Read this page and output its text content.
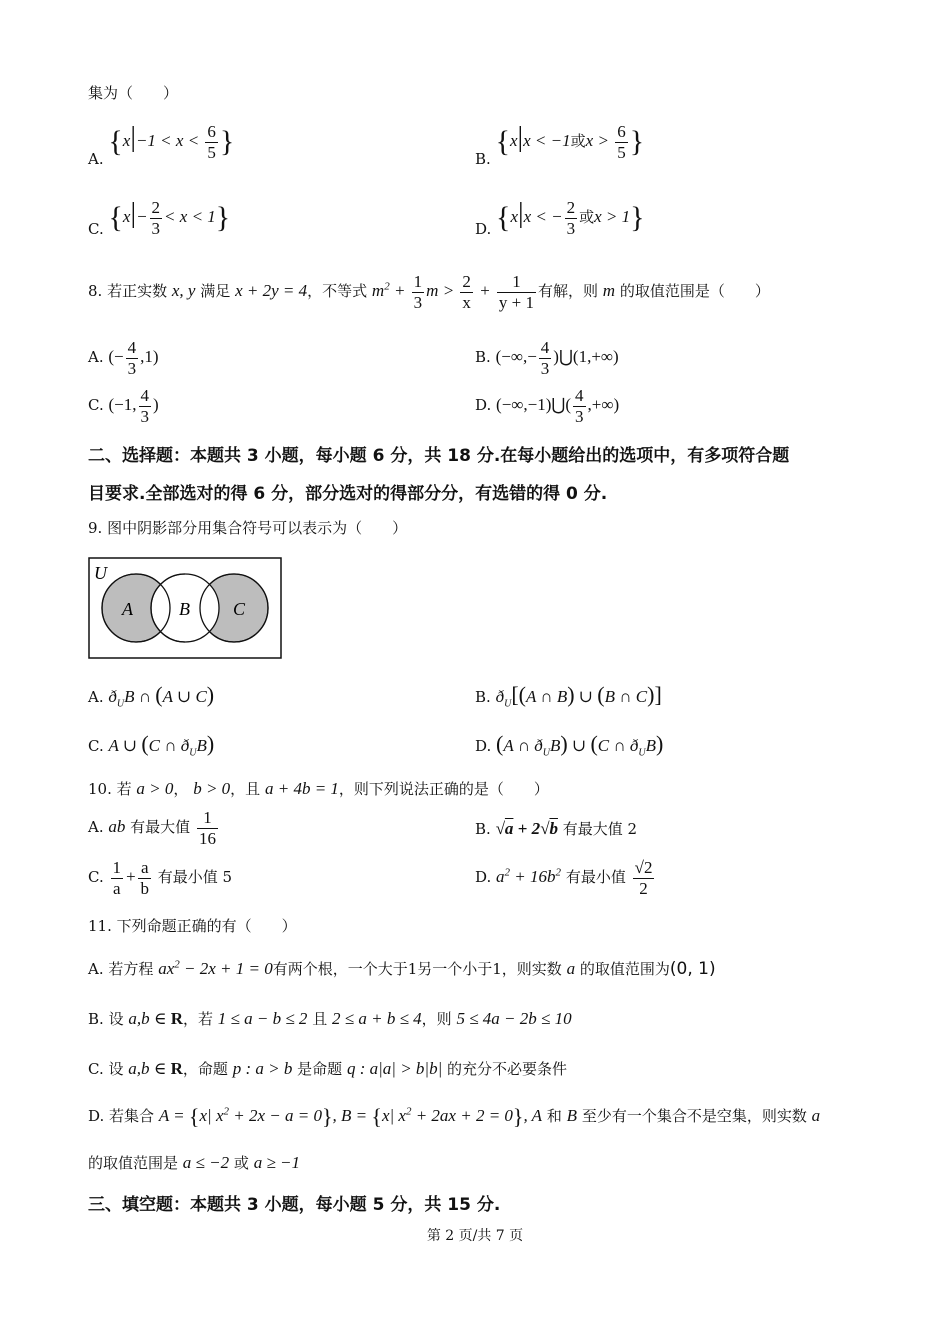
集为（　　）
A. {$x|-1 < x < \frac{6}{5}$ }
B. {x|x < −1或$x > \frac{6}{5}$ }
C. $\{x|- \frac{2}{3} < x < 1\}$	D. {x|x < − $\frac{2}{3}$ 或x > 1}
8. 若正实数 x, y 满足 x + 2y = 4，不等式 $m^2 + \frac{1}{3}$ $m > \frac{2}{x} + \frac{1}{y + 1}$ 有解，则 m 的取值范围是（　　）
A. (− $\frac{4}{3} ,1$)	B. (−∞,− $\frac{4}{3}$ )⋃(1,+∞)
C. (−1, $\frac{4}{3}$ )	D. (−∞,−1)⋃( $\frac{4}{3}$ ,+∞)
二、选择题：本题共 3 小题，每小题 6 分，共 18 分.在每小题给出的选项中，有多项符合题
目要求.全部选对的得 6 分，部分选对的得部分分，有选错的得 0 分.
9. 图中阴影部分用集合符号可以表示为（　　）
U
A	B C
A. $ð_UB$ ∩ (A ∪ C)	B. $ð_U[(A$ ∩ B) ∪ (B ∩ C)]
C. A ∪ (C ∩ $ð_UB$)	D. (A ∩ $ð_UB$) ∪ (C ∩ $ð_UB$)
10. 若 a > 0， b > 0，且 a + 4b = 1，则下列说法正确的是（　　）
A. ab 有最大值 $\frac{1}{16}$	B. √a + 2√b 有最大值 2
C. $\frac{1}{a} + \frac{a}{b}$ 有最小值 5	D. $a^2 + 16b^2$ 有最小值 $\frac{√2}{2}$
11. 下列命题正确的有（　　）
A. 若方程 $ax^2 - 2x + 1 = 0$有两个根，一个大于1另一个小于1，则实数 a 的取值范围为(0, 1)
B. 设 a,b ∈ R，若 1 ≤ a − b ≤ 2 且 2 ≤ a + b ≤ 4，则 5 ≤ 4a − 2b ≤ 10
C. 设 a,b ∈ R，命题 p : a > b 是命题 q : a|a| > b|b| 的充分不必要条件
D. 若集合 A = {x| $x^2 + 2x - a = 0$}, B = {x| $x^2 + 2ax + 2 = 0$}, A 和 B 至少有一个集合不是空集，则实数 a
的取值范围是 a ≤ −2 或 a ≥ −1
三、填空题：本题共 3 小题，每小题 5 分，共 15 分.
第 2 页/共 7 页
